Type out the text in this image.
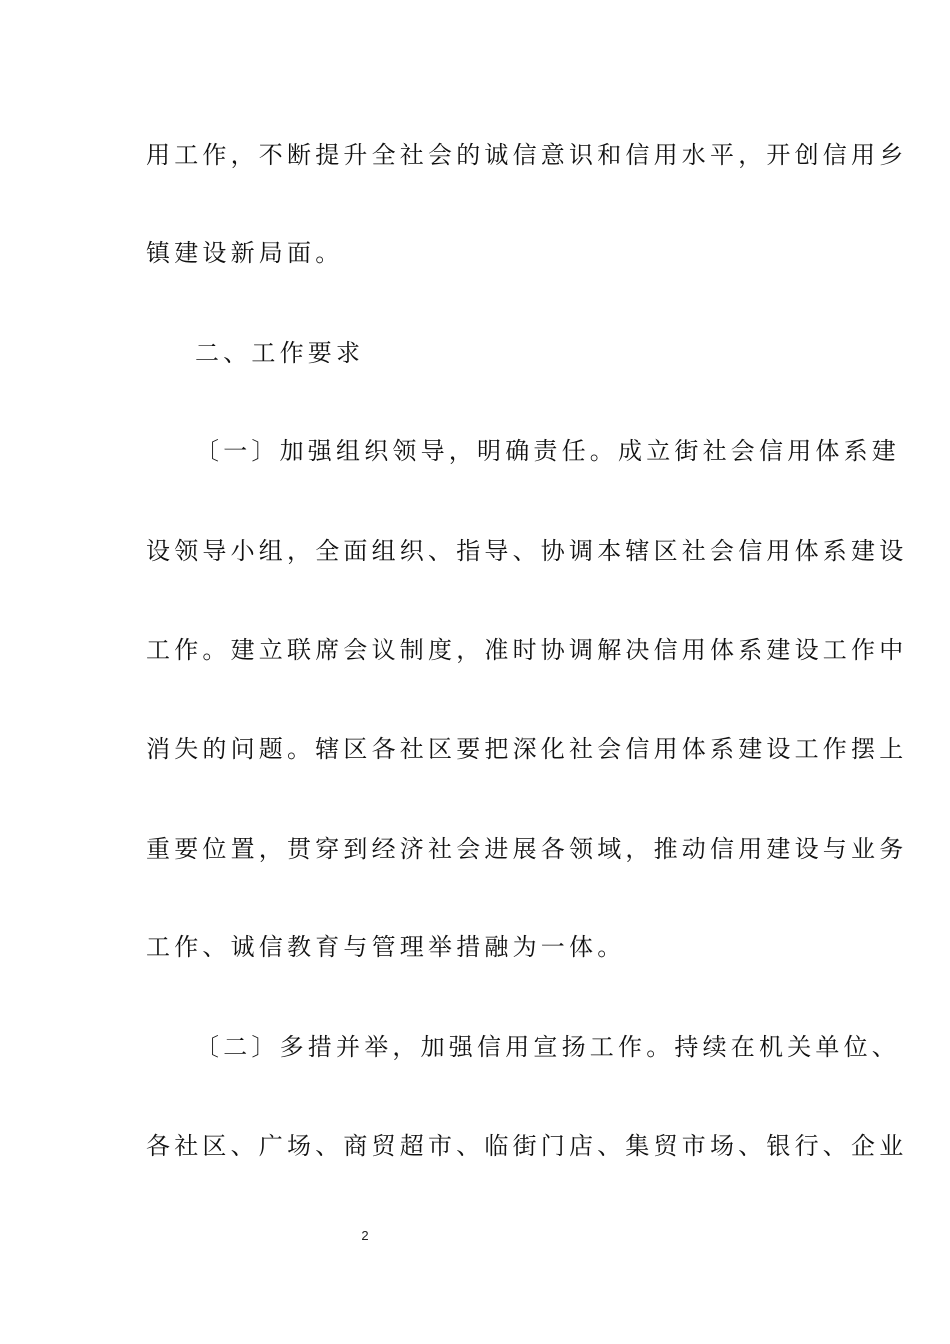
用工作，不断提升全社会的诚信意识和信用水平，开创信用乡
镇建设新局面。
二、工作要求
〔一〕加强组织领导，明确责任。成立街社会信用体系建
设领导小组，全面组织、指导、协调本辖区社会信用体系建设
工作。建立联席会议制度，准时协调解决信用体系建设工作中
消失的问题。辖区各社区要把深化社会信用体系建设工作摆上
重要位置，贯穿到经济社会进展各领域，推动信用建设与业务
工作、诚信教育与管理举措融为一体。
〔二〕多措并举，加强信用宣扬工作。持续在机关单位、
各社区、广场、商贸超市、临街门店、集贸市场、银行、企业
2
